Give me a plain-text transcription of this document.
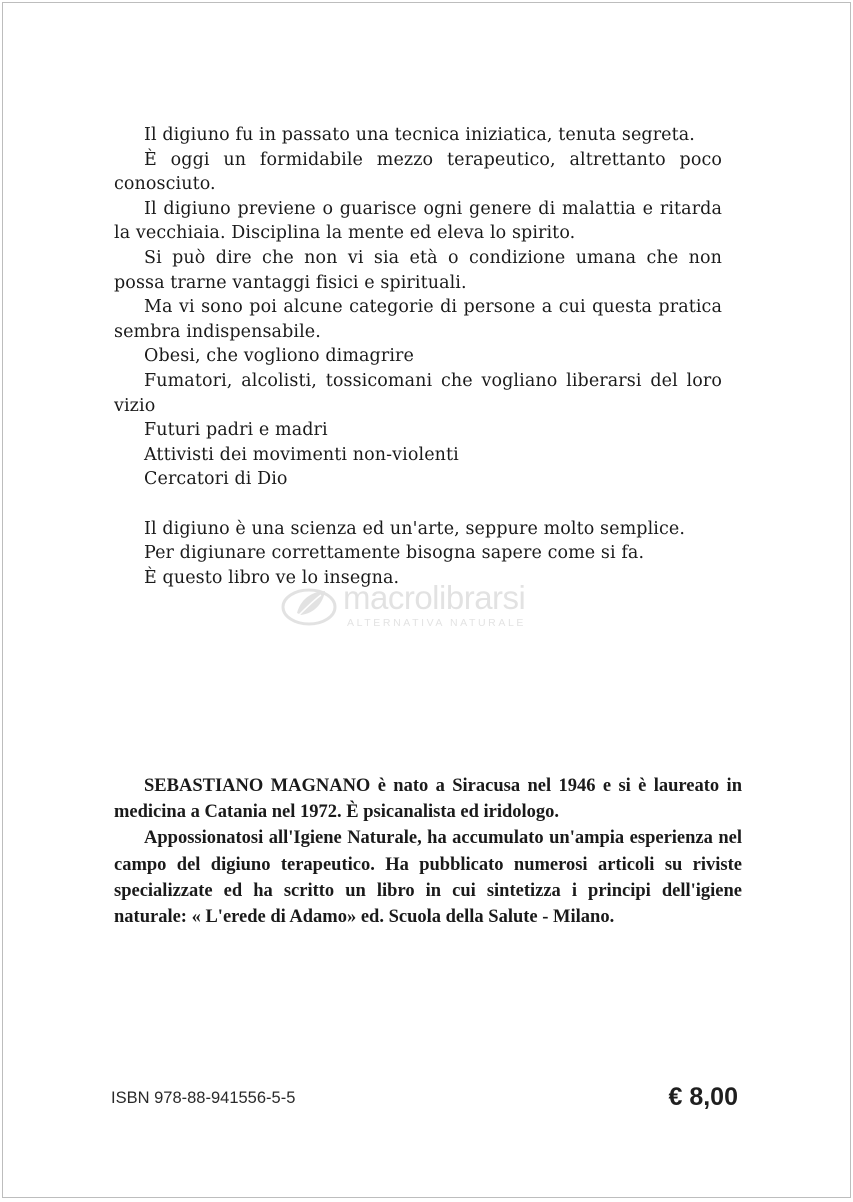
Il digiuno fu in passato una tecnica iniziatica, tenuta segreta.

È oggi un formidabile mezzo terapeutico, altrettanto poco conosciuto.

Il digiuno previene o guarisce ogni genere di malattia e ritarda la vecchiaia. Disciplina la mente ed eleva lo spirito.

Si può dire che non vi sia età o condizione umana che non possa trarne vantaggi fisici e spirituali.

Ma vi sono poi alcune categorie di persone a cui questa pratica sembra indispensabile.

Obesi, che vogliono dimagrire

Fumatori, alcolisti, tossicomani che vogliano liberarsi del loro vizio

Futuri padri e madri

Attivisti dei movimenti non-violenti

Cercatori di Dio

Il digiuno è una scienza ed un'arte, seppure molto semplice.

Per digiunare correttamente bisogna sapere come si fa.

È questo libro ve lo insegna.

macrolibrarsi
ALTERNATIVA NATURALE

SEBASTIANO MAGNANO è nato a Siracusa nel 1946 e si è laureato in medicina a Catania nel 1972. È psicanalista ed iridologo.

Appossionatosi all'Igiene Naturale, ha accumulato un'ampia esperienza nel campo del digiuno terapeutico. Ha pubblicato numerosi articoli su riviste specializzate ed ha scritto un libro in cui sintetizza i principi dell'igiene naturale: « L'erede di Adamo» ed. Scuola della Salute - Milano.

ISBN 978-88-941556-5-5	€ 8,00
